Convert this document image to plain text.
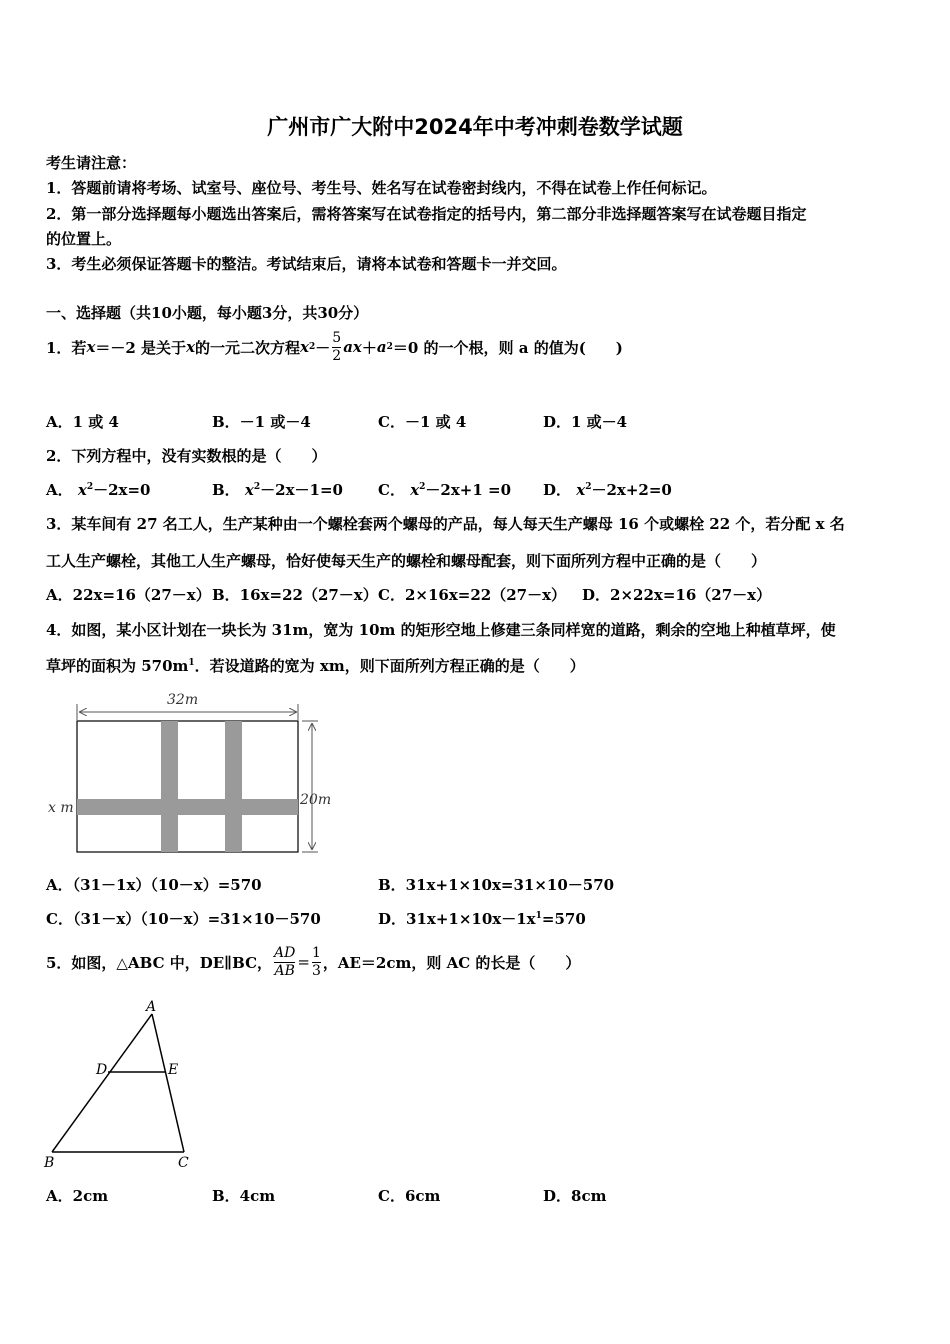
广州市广大附中2024年中考冲刺卷数学试题
考生请注意：
1．答题前请将考场、试室号、座位号、考生号、姓名写在试卷密封线内，不得在试卷上作任何标记。
2．第一部分选择题每小题选出答案后，需将答案写在试卷指定的括号内，第二部分非选择题答案写在试卷题目指定
的位置上。
3．考生必须保证答题卡的整洁。考试结束后，请将本试卷和答题卡一并交回。
一、选择题（共10小题，每小题3分，共30分）
1．若 x ＝－2 是关于 x 的一元二次方程 x $2 - \frac{5}{2}$ ax ＋ a 2 ＝0 的一个根，则 a 的值为(　　)
A．1 或 4	B．－1 或－4	C．－1 或 4	D．1 或－4
2．下列方程中，没有实数根的是（　　）
A． $x^2-2x=0$	B． $x^2-2x-1=0$ C． $x^2-2x+1 =0$ D． $x^2-2x+2=0$
3．某车间有 27 名工人，生产某种由一个螺栓套两个螺母的产品，每人每天生产螺母 16 个或螺栓 22 个，若分配 x 名
工人生产螺栓，其他工人生产螺母，恰好使每天生产的螺栓和螺母配套，则下面所列方程中正确的是（　　）
A．22x=16（27－x） B．16x=22（27－x） C．2×16x=22（27－x） D．2×22x=16（27－x）
4．如图，某小区计划在一块长为 31m，宽为 10m 的矩形空地上修建三条同样宽的道路，剩余的空地上种植草坪，使
草坪的面积为 $570m^1$．若设道路的宽为 xm，则下面所列方程正确的是（　　）
32m
20m
x m
A．（31－1x）（10－x）=570	B．31x+1×10x=31×10－570
C．（31－x）（10－x）=31×10－570	D．$31x+1\times 10x-1x^1=570$
5．如图，△ABC 中，DE∥BC， $\frac{AD}{AB} = \frac{1}{3}$ ，AE＝2cm，则 AC 的长是（　　）
A
D	E
B	C
A．2cm	B．4cm	C．6cm	D．8cm
